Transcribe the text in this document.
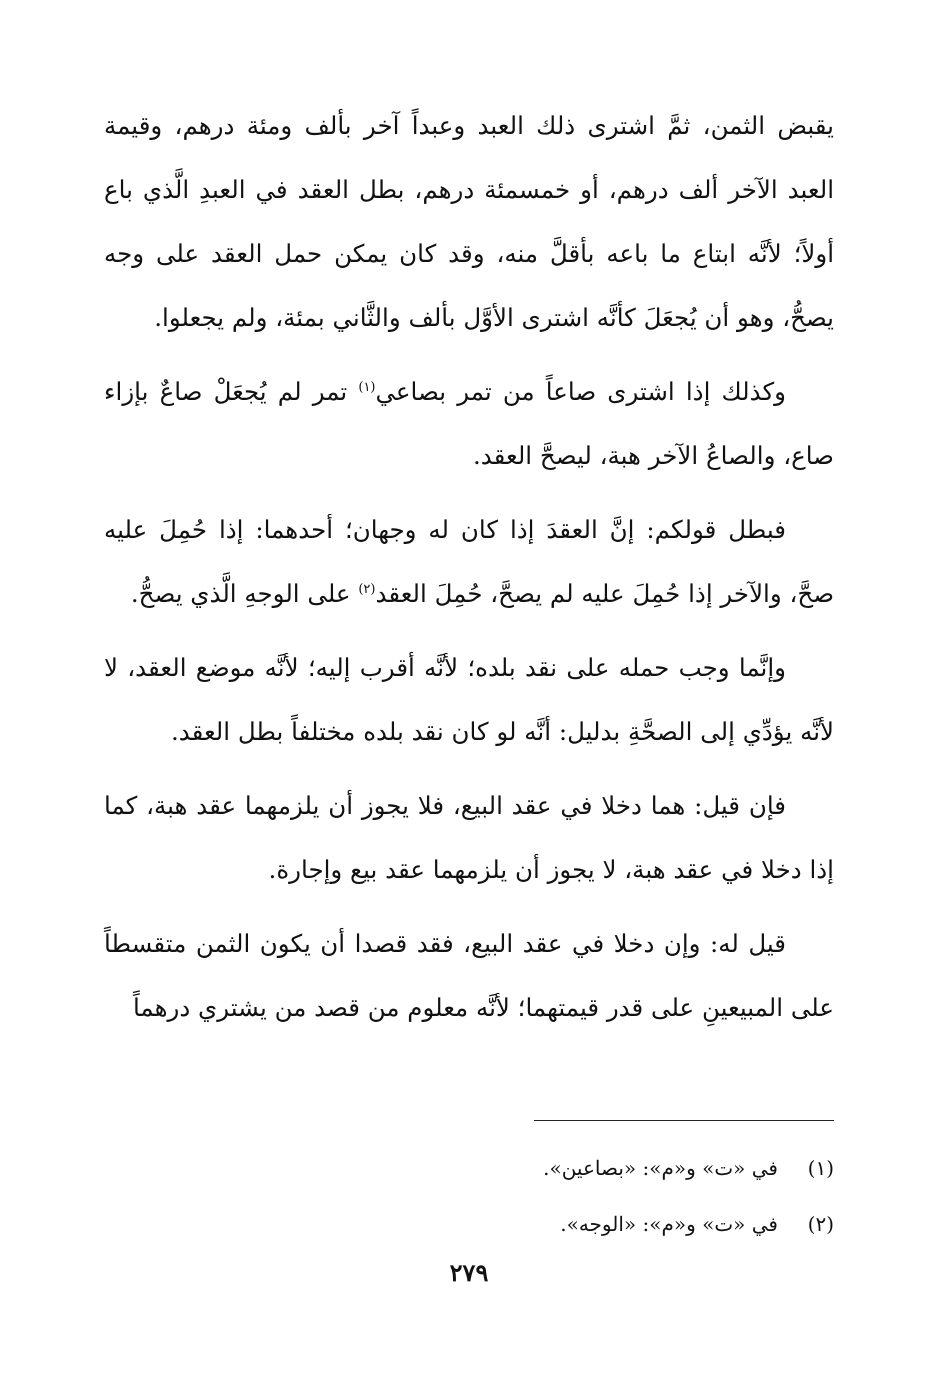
يقبض الثمن، ثمَّ اشترى ذلك العبد وعبداً آخر بألف ومئة درهم، وقيمة العبد الآخر ألف درهم، أو خمسمئة درهم، بطل العقد في العبدِ الَّذي باع أولاً؛ لأنَّه ابتاع ما باعه بأقلَّ منه، وقد كان يمكن حمل العقد على وجه يصحُّ، وهو أن يُجعَلَ كأنَّه اشترى الأوَّل بألف والثَّاني بمئة، ولم يجعلوا.

وكذلك إذا اشترى صاعاً من تمر بصاعي$^{(١)}$ تمر لم يُجعَلْ صاعٌ بإزاء صاع، والصاعُ الآخر هبة، ليصحَّ العقد.

فبطل قولكم: إنَّ العقدَ إذا كان له وجهان؛ أحدهما: إذا حُمِلَ عليه صحَّ، والآخر إذا حُمِلَ عليه لم يصحَّ، حُمِلَ العقد$^{(٢)}$ على الوجهِ الَّذي يصحُّ.

وإنَّما وجب حمله على نقد بلده؛ لأنَّه أقرب إليه؛ لأنَّه موضع العقد، لا لأنَّه يؤدِّي إلى الصحَّةِ بدليل: أنَّه لو كان نقد بلده مختلفاً بطل العقد.

فإن قيل: هما دخلا في عقد البيع، فلا يجوز أن يلزمهما عقد هبة، كما إذا دخلا في عقد هبة، لا يجوز أن يلزمهما عقد بيع وإجارة.

قيل له: وإن دخلا في عقد البيع، فقد قصدا أن يكون الثمن متقسطاً على المبيعينِ على قدر قيمتهما؛ لأنَّه معلوم من قصد من يشتري درهماً

(١)
في «ت» و«م»: «بصاعين».
(٢)
في «ت» و«م»: «الوجه».
٢٧٩
